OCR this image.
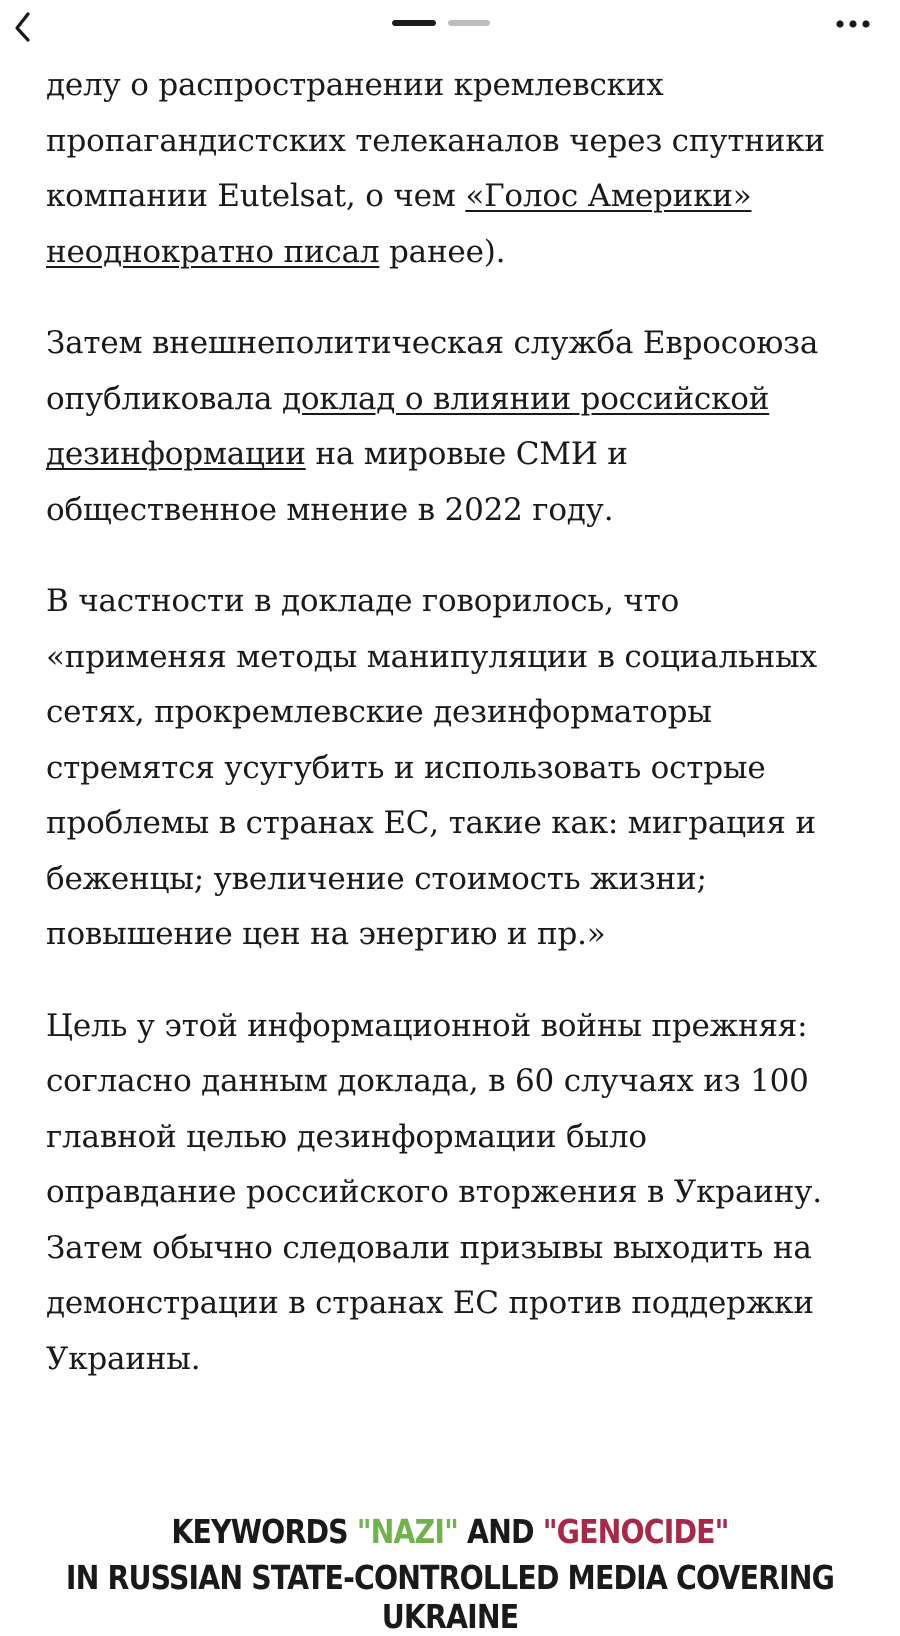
делу о распространении кремлевских пропагандистских телеканалов через спутники компании Eutelsat, о чем «Голос Америки» неоднократно писал ранее).

Затем внешнеполитическая служба Евросоюза опубликовала доклад о влиянии российской дезинформации на мировые СМИ и общественное мнение в 2022 году.

В частности в докладе говорилось, что «применяя методы манипуляции в социальных сетях, прокремлевские дезинформаторы стремятся усугубить и использовать острые проблемы в странах ЕС, такие как: миграция и беженцы; увеличение стоимость жизни; повышение цен на энергию и пр.»

Цель у этой информационной войны прежняя: согласно данным доклада, в 60 случаях из 100 главной целью дезинформации было оправдание российского вторжения в Украину. Затем обычно следовали призывы выходить на демонстрации в странах ЕС против поддержки Украины.

KEYWORDS "NAZI" AND "GENOCIDE"
IN RUSSIAN STATE-CONTROLLED MEDIA COVERING UKRAINE
